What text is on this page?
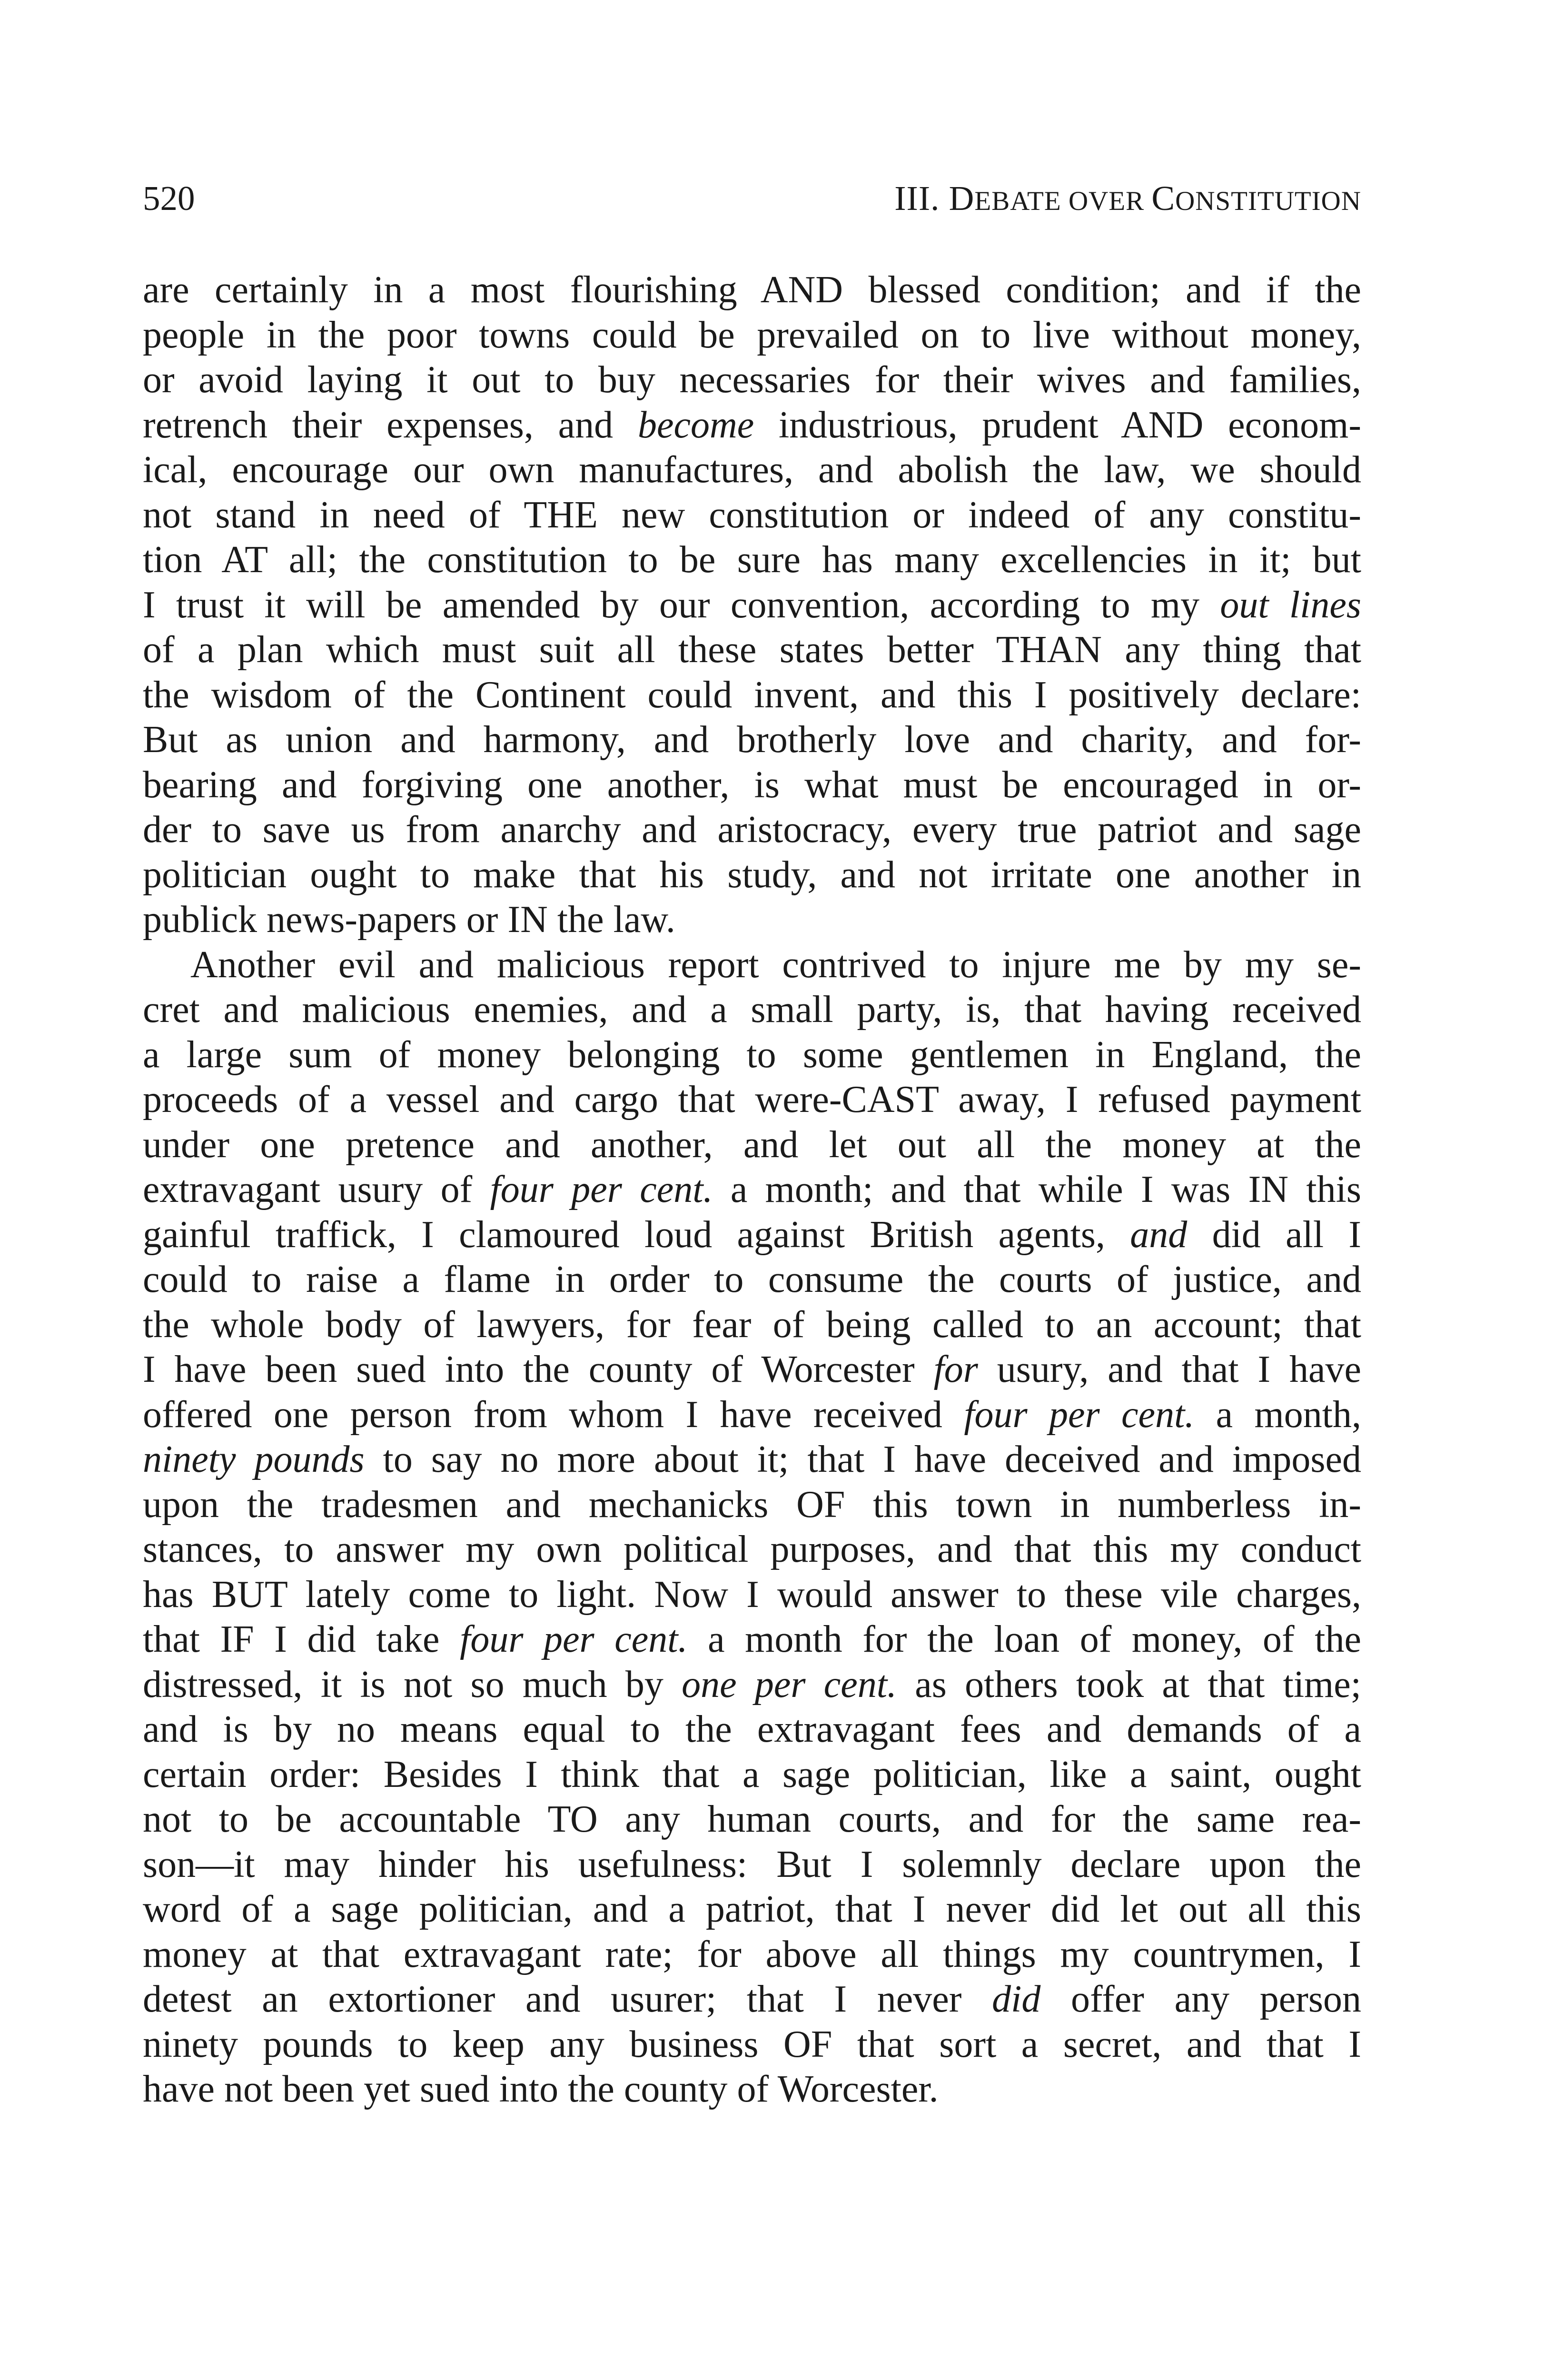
520	III. DEBATE OVER CONSTITUTION
are certainly in a most flourishing AND blessed condition; and if the
people in the poor towns could be prevailed on to live without money,
or avoid laying it out to buy necessaries for their wives and families,
retrench their expenses, and become industrious, prudent AND econom-
ical, encourage our own manufactures, and abolish the law, we should
not stand in need of THE new constitution or indeed of any constitu-
tion AT all; the constitution to be sure has many excellencies in it; but
I trust it will be amended by our convention, according to my out lines
of a plan which must suit all these states better THAN any thing that
the wisdom of the Continent could invent, and this I positively declare:
But as union and harmony, and brotherly love and charity, and for-
bearing and forgiving one another, is what must be encouraged in or-
der to save us from anarchy and aristocracy, every true patriot and sage
politician ought to make that his study, and not irritate one another in
publick news-papers or IN the law.
Another evil and malicious report contrived to injure me by my se-
cret and malicious enemies, and a small party, is, that having received
a large sum of money belonging to some gentlemen in England, the
proceeds of a vessel and cargo that were-CAST away, I refused payment
under one pretence and another, and let out all the money at the
extravagant usury of four per cent. a month; and that while I was IN this
gainful traffick, I clamoured loud against British agents, and did all I
could to raise a flame in order to consume the courts of justice, and
the whole body of lawyers, for fear of being called to an account; that
I have been sued into the county of Worcester for usury, and that I have
offered one person from whom I have received four per cent. a month,
ninety pounds to say no more about it; that I have deceived and imposed
upon the tradesmen and mechanicks OF this town in numberless in-
stances, to answer my own political purposes, and that this my conduct
has BUT lately come to light. Now I would answer to these vile charges,
that IF I did take four per cent. a month for the loan of money, of the
distressed, it is not so much by one per cent. as others took at that time;
and is by no means equal to the extravagant fees and demands of a
certain order: Besides I think that a sage politician, like a saint, ought
not to be accountable TO any human courts, and for the same rea-
son—it may hinder his usefulness: But I solemnly declare upon the
word of a sage politician, and a patriot, that I never did let out all this
money at that extravagant rate; for above all things my countrymen, I
detest an extortioner and usurer; that I never did offer any person
ninety pounds to keep any business OF that sort a secret, and that I
have not been yet sued into the county of Worcester.
